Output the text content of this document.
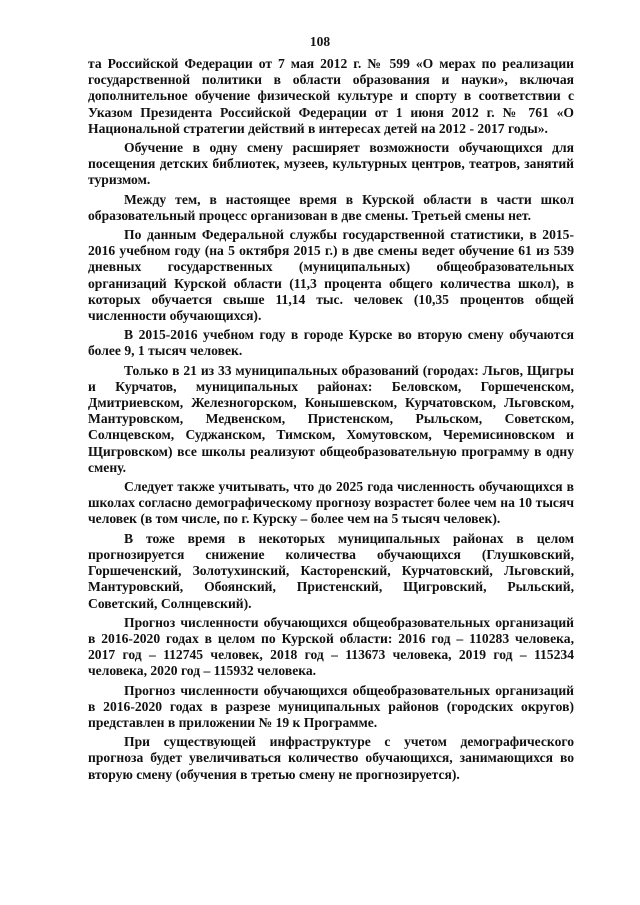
108

та Российской Федерации от 7 мая 2012 г. № 599 «О мерах по реализации государственной политики в области образования и науки», включая дополнительное обучение физической культуре и спорту в соответствии с Указом Президента Российской Федерации от 1 июня 2012 г. № 761 «О Национальной стратегии действий в интересах детей на 2012 - 2017 годы».

Обучение в одну смену расширяет возможности обучающихся для посещения детских библиотек, музеев, культурных центров, театров, занятий туризмом.

Между тем, в настоящее время в Курской области в части школ образовательный процесс организован в две смены. Третьей смены нет.

По данным Федеральной службы государственной статистики, в 2015-2016 учебном году (на 5 октября 2015 г.) в две смены ведет обучение 61 из 539 дневных государственных (муниципальных) общеобразовательных организаций Курской области (11,3 процента общего количества школ), в которых обучается свыше 11,14 тыс. человек (10,35 процентов общей численности обучающихся).

В 2015-2016 учебном году в городе Курске во вторую смену обучаются более 9, 1 тысяч человек.

Только в 21 из 33 муниципальных образований (городах: Льгов, Щигры и Курчатов, муниципальных районах: Беловском, Горшеченском, Дмитриевском, Железногорском, Конышевском, Курчатовском, Льговском, Мантуровском, Медвенском, Пристенском, Рыльском, Советском, Солнцевском, Суджанском, Тимском, Хомутовском, Черемисиновском и Щигровском) все школы реализуют общеобразовательную программу в одну смену.

Следует также учитывать, что до 2025 года численность обучающихся в школах согласно демографическому прогнозу возрастет более чем на 10 тысяч человек (в том числе, по г. Курску – более чем на 5 тысяч человек).

В тоже время в некоторых муниципальных районах в целом прогнозируется снижение количества обучающихся (Глушковский, Горшеченский, Золотухинский, Касторенский, Курчатовский, Льговский, Мантуровский, Обоянский, Пристенский, Щигровский, Рыльский, Советский, Солнцевский).

Прогноз численности обучающихся общеобразовательных организаций в 2016-2020 годах в целом по Курской области: 2016 год – 110283 человека, 2017 год – 112745 человек, 2018 год – 113673 человека, 2019 год – 115234 человека, 2020 год – 115932 человека.

Прогноз численности обучающихся общеобразовательных организаций в 2016-2020 годах в разрезе муниципальных районов (городских округов) представлен в приложении № 19 к Программе.

При существующей инфраструктуре с учетом демографического прогноза будет увеличиваться количество обучающихся, занимающихся во вторую смену (обучения в третью смену не прогнозируется).
